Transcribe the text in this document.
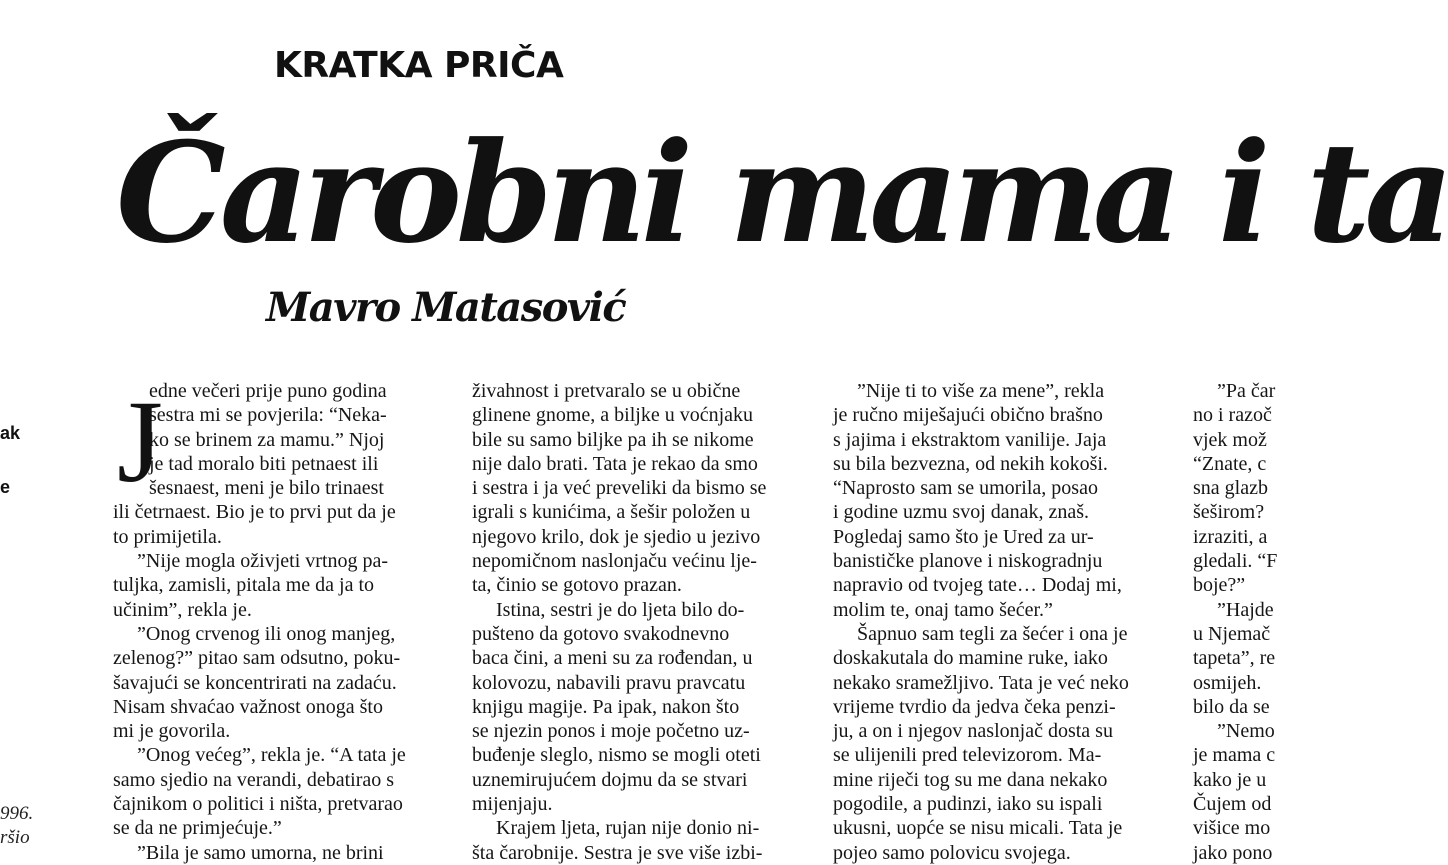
KRATKA PRIČA
Čarobni mama i ta
Mavro Matasović
ak
e
996.
ršio
J
edne večeri prije puno godina
sestra mi se povjerila: “Neka-
ko se brinem za mamu.” Njoj
je tad moralo biti petnaest ili
šesnaest, meni je bilo trinaest
ili četrnaest. Bio je to prvi put da je
to primijetila.
”Nije mogla oživjeti vrtnog pa-
tuljka, zamisli, pitala me da ja to
učinim”, rekla je.
”Onog crvenog ili onog manjeg,
zelenog?” pitao sam odsutno, poku-
šavajući se koncentrirati na zadaću.
Nisam shvaćao važnost onoga što
mi je govorila.
”Onog većeg”, rekla je. “A tata je
samo sjedio na verandi, debatirao s
čajnikom o politici i ništa, pretvarao
se da ne primjećuje.”
”Bila je samo umorna, ne brini
živahnost i pretvaralo se u obične
glinene gnome, a biljke u voćnjaku
bile su samo biljke pa ih se nikome
nije dalo brati. Tata je rekao da smo
i sestra i ja već preveliki da bismo se
igrali s kunićima, a šešir položen u
njegovo krilo, dok je sjedio u jezivo
nepomičnom naslonjaču većinu lje-
ta, činio se gotovo prazan.
Istina, sestri je do ljeta bilo do-
pušteno da gotovo svakodnevno
baca čini, a meni su za rođendan, u
kolovozu, nabavili pravu pravcatu
knjigu magije. Pa ipak, nakon što
se njezin ponos i moje početno uz-
buđenje sleglo, nismo se mogli oteti
uznemirujućem dojmu da se stvari
mijenjaju.
Krajem ljeta, rujan nije donio ni-
šta čarobnije. Sestra je sve više izbi-
”Nije ti to više za mene”, rekla
je ručno miješajući obično brašno
s jajima i ekstraktom vanilije. Jaja
su bila bezvezna, od nekih kokoši.
“Naprosto sam se umorila, posao
i godine uzmu svoj danak, znaš.
Pogledaj samo što je Ured za ur-
banističke planove i niskogradnju
napravio od tvojeg tate… Dodaj mi,
molim te, onaj tamo šećer.”
Šapnuo sam tegli za šećer i ona je
doskakutala do mamine ruke, iako
nekako sramežljivo. Tata je već neko
vrijeme tvrdio da jedva čeka penzi-
ju, a on i njegov naslonjač dosta su
se ulijenili pred televizorom. Ma-
mine riječi tog su me dana nekako
pogodile, a pudinzi, iako su ispali
ukusni, uopće se nisu micali. Tata je
pojeo samo polovicu svojega.
”Pa čar
no i razoč
vjek mož
“Znate, c
sna glazb
šeširom?
izraziti, a
gledali. “F
boje?”
”Hajde
u Njemač
tapeta”, re
osmijeh.
bilo da se
”Nemo
je mama c
kako je u
Čujem od
višice mo
jako pono
